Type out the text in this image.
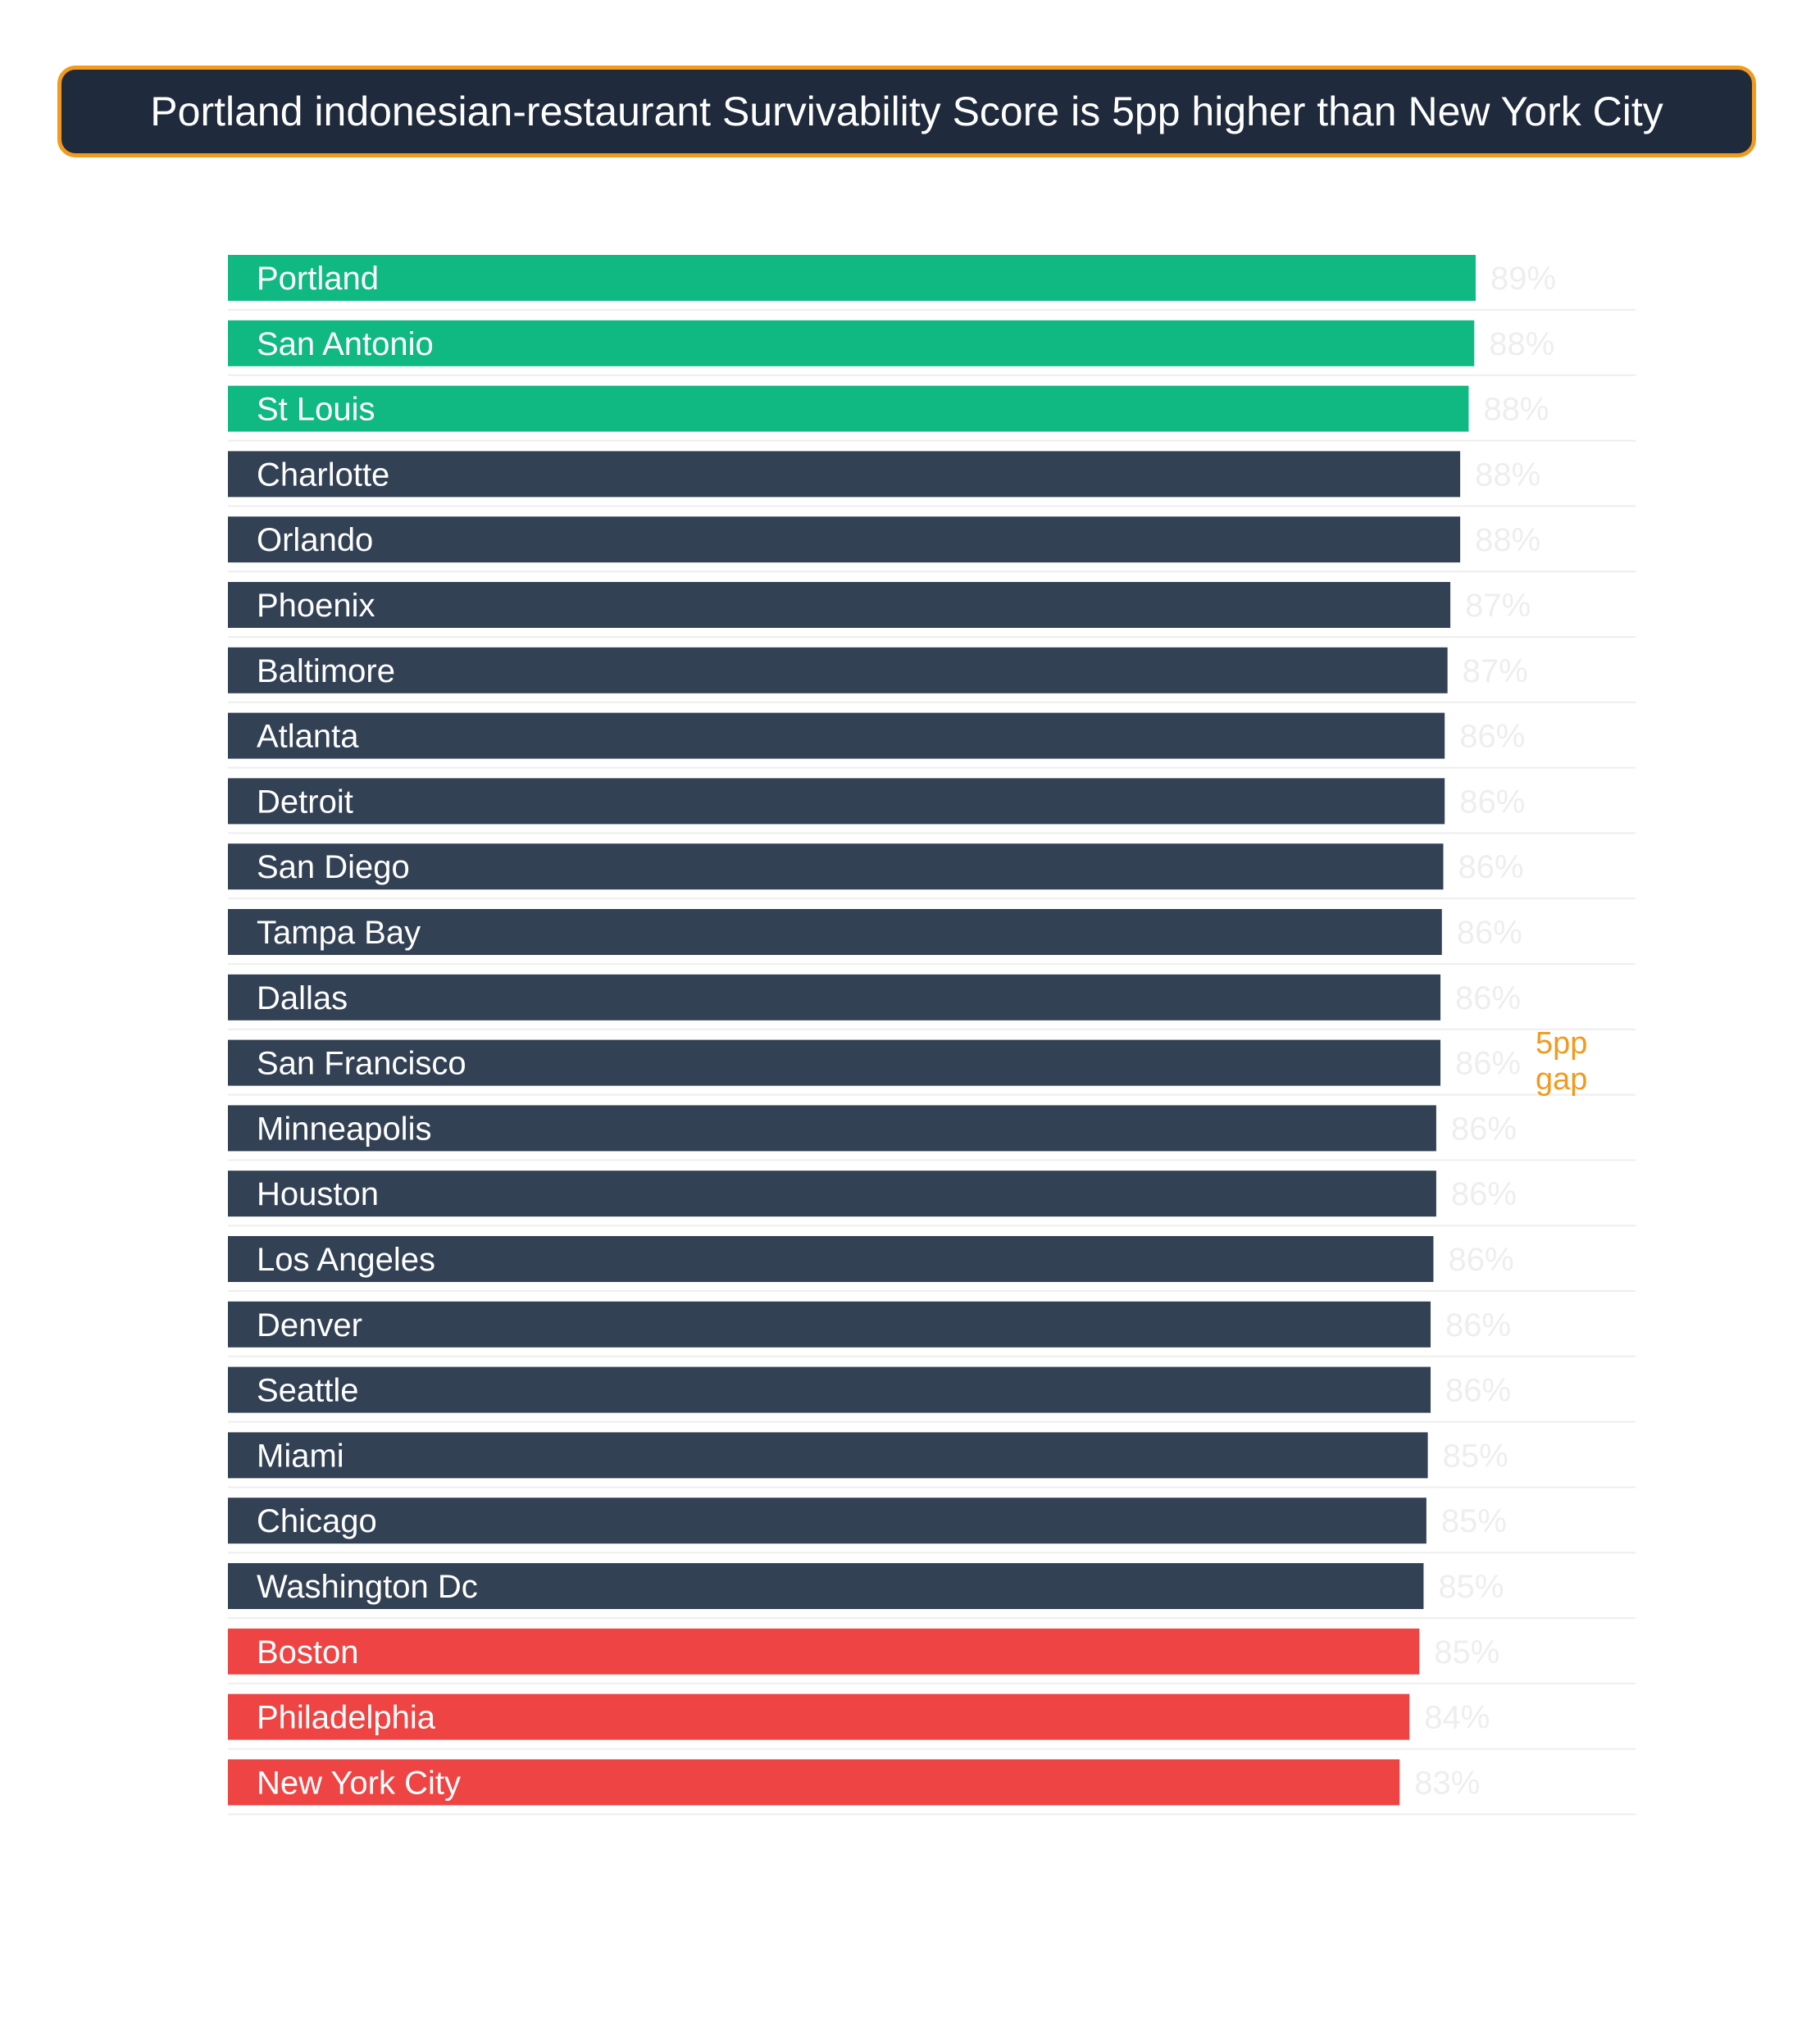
Portland indonesian-restaurant Survivability Score is 5pp higher than New York City
Portland
San Antonio
St Louis
Charlotte
Orlando
Phoenix
Baltimore
Atlanta
Detroit
San Diego
Tampa Bay
Dallas
San Francisco
Minneapolis
Houston
Los Angeles
Denver
Seattle
Miami
Chicago
Washington Dc
Boston
Philadelphia
New York City
89%
88%
88%
88%
88%
87%
87%
86%
86%
86%
86%
86%
86%
86%
86%
86%
86%
86%
85%
85%
85%
85%
84%
83%
5pp gap
